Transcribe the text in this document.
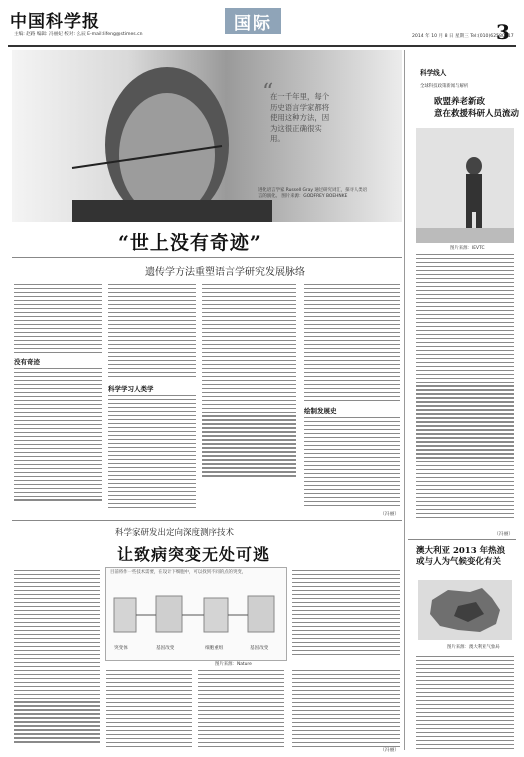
中国科学报
主编: 赵路 编辑: 冯丽妃 校对: 么辰 E-mail:lifeng@stimes.cn
国际
2014 年 10 月 8 日 星期三 Tel:(010)62580617
3
“
在一千年里，每个历史语言学家都将使用这种方法，因为这很正确很实用。
进化语言学家 Russell Gray 通过研究词汇，探寻人类语言的演化。 图片来源：GODFREY BOEHNKE
“世上没有奇迹”
遗传学方法重塑语言学研究发展脉络
没有奇迹
科学学习人类学
绘制发展史
（冯丽）
科学家研发出定向深度测序技术
让致病突变无处可逃
目前将作一些技术需要，在设计下细胞中，可以找到不同的点的突变，
突变体	基因改变	细胞重组	基因改变
图片来源：Nature
（冯丽）
科学线人
全球科技政策新闻与解析
欧盟养老新政
意在救援科研人员流动
图片来源：IEVTC
（冯丽）
澳大利亚 2013 年热浪
或与人为气候变化有关
图片来源：澳大利亚气象局
